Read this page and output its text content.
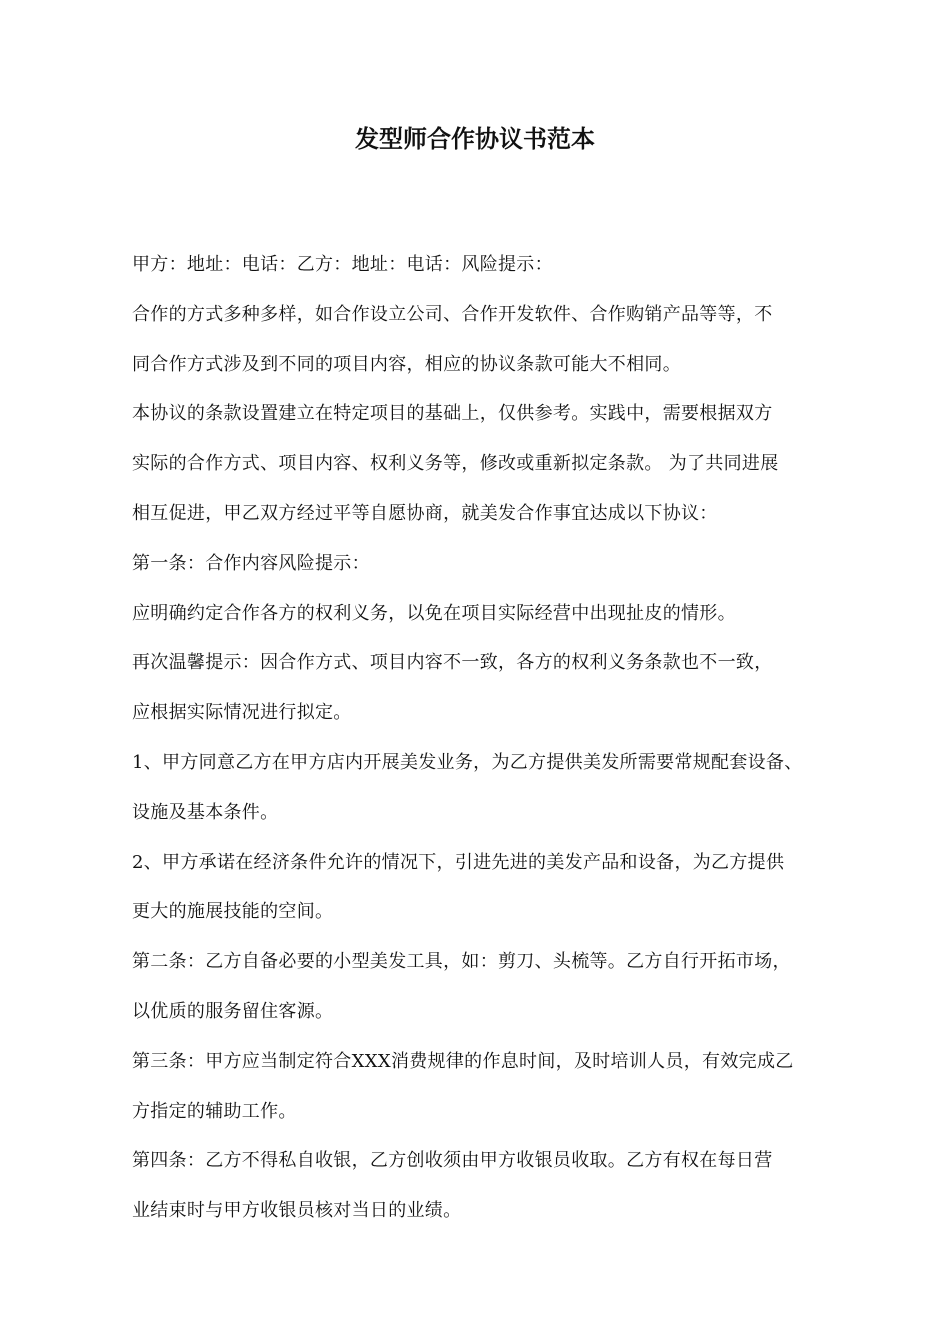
发型师合作协议书范本

甲方：地址：电话：乙方：地址：电话：风险提示：

合作的方式多种多样，如合作设立公司、合作开发软件、合作购销产品等等，不

同合作方式涉及到不同的项目内容，相应的协议条款可能大不相同。

本协议的条款设置建立在特定项目的基础上，仅供参考。实践中，需要根据双方

实际的合作方式、项目内容、权利义务等，修改或重新拟定条款。 为了共同进展

相互促进，甲乙双方经过平等自愿协商，就美发合作事宜达成以下协议：

第一条：合作内容风险提示：

应明确约定合作各方的权利义务，以免在项目实际经营中出现扯皮的情形。

再次温馨提示：因合作方式、项目内容不一致，各方的权利义务条款也不一致，

应根据实际情况进行拟定。

1、甲方同意乙方在甲方店内开展美发业务，为乙方提供美发所需要常规配套设备、

设施及基本条件。

2、甲方承诺在经济条件允许的情况下，引进先进的美发产品和设备，为乙方提供

更大的施展技能的空间。

第二条：乙方自备必要的小型美发工具，如：剪刀、头梳等。乙方自行开拓市场，

以优质的服务留住客源。

第三条：甲方应当制定符合XXX消费规律的作息时间，及时培训人员，有效完成乙

方指定的辅助工作。

第四条：乙方不得私自收银，乙方创收须由甲方收银员收取。乙方有权在每日营

业结束时与甲方收银员核对当日的业绩。
